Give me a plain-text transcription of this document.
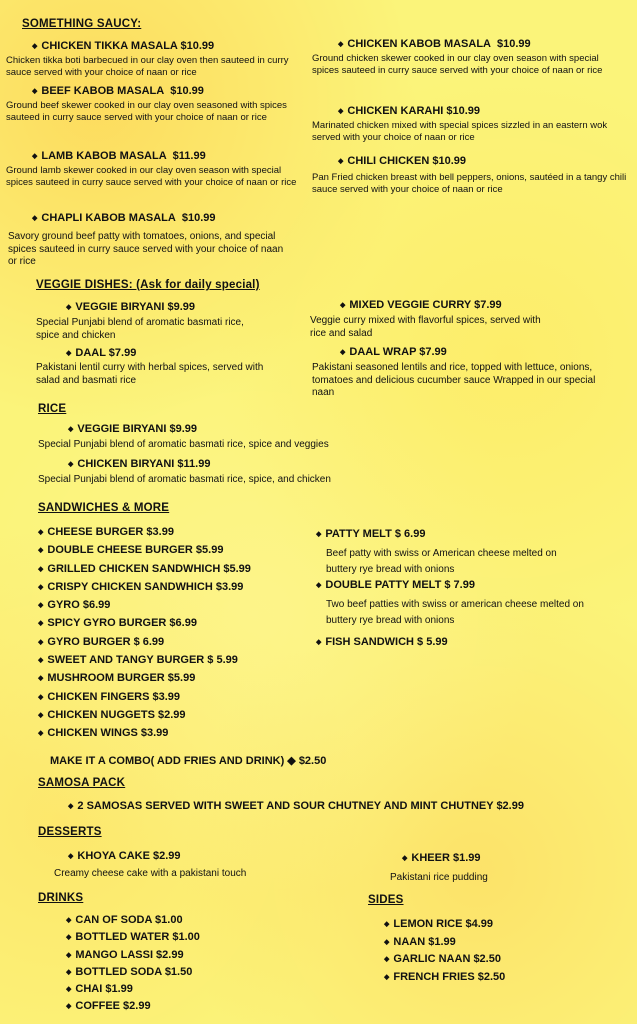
SOMETHING SAUCY:
◆ CHICKEN TIKKA MASALA $10.99
Chicken tikka boti barbecued in our clay oven then sauteed in curry sauce served with your choice of naan or rice
◆ BEEF KABOB MASALA $10.99
Ground beef skewer cooked in our clay oven seasoned with spices sauteed in curry sauce served with your choice of naan or rice
◆ LAMB KABOB MASALA $11.99
Ground lamb skewer cooked in our clay oven season with special spices sauteed in curry sauce served with your choice of naan or rice
◆ CHAPLI KABOB MASALA $10.99
Savory ground beef patty with tomatoes, onions, and special spices sauteed in curry sauce served with your choice of naan or rice
◆ CHICKEN KABOB MASALA $10.99
Ground chicken skewer cooked in our clay oven season with special spices sauteed in curry sauce served with your choice of naan or rice
◆ CHICKEN KARAHI $10.99
Marinated chicken mixed with special spices sizzled in an eastern wok served with your choice of naan or rice
◆ CHILI CHICKEN $10.99
Pan Fried chicken breast with bell peppers, onions, sautéed in a tangy chili sauce served with your choice of naan or rice
VEGGIE DISHES: (Ask for daily special)
◆ VEGGIE BIRYANI $9.99
Special Punjabi blend of aromatic basmati rice, spice and chicken
◆ DAAL $7.99
Pakistani lentil curry with herbal spices, served with salad and basmati rice
◆ MIXED VEGGIE CURRY $7.99
Veggie curry mixed with flavorful spices, served with rice and salad
◆ DAAL WRAP $7.99
Pakistani seasoned lentils and rice, topped with lettuce, onions, tomatoes and delicious cucumber sauce Wrapped in our special naan
RICE
◆ VEGGIE BIRYANI $9.99
Special Punjabi blend of aromatic basmati rice, spice and veggies
◆ CHICKEN BIRYANI $11.99
Special Punjabi blend of aromatic basmati rice, spice, and chicken
SANDWICHES & MORE
◆ CHEESE BURGER $3.99
◆ DOUBLE CHEESE BURGER $5.99
◆ GRILLED CHICKEN SANDWHICH $5.99
◆ CRISPY CHICKEN SANDWHICH $3.99
◆ GYRO $6.99
◆ SPICY GYRO BURGER $6.99
◆ GYRO BURGER $ 6.99
◆ SWEET AND TANGY BURGER $ 5.99
◆ MUSHROOM BURGER $5.99
◆ CHICKEN FINGERS $3.99
◆ CHICKEN NUGGETS $2.99
◆ CHICKEN WINGS $3.99
◆ PATTY MELT $ 6.99
Beef patty with swiss or American cheese melted on buttery rye bread with onions
◆ DOUBLE PATTY MELT $ 7.99
Two beef patties with swiss or american cheese melted on buttery rye bread with onions
◆ FISH SANDWICH $ 5.99
MAKE IT A COMBO( ADD FRIES AND DRINK) ◆ $2.50
SAMOSA PACK
◆ 2 SAMOSAS SERVED WITH SWEET AND SOUR CHUTNEY AND MINT CHUTNEY $2.99
DESSERTS
◆ KHOYA CAKE $2.99
Creamy cheese cake with a pakistani touch
◆ KHEER $1.99
Pakistani rice pudding
DRINKS
◆ CAN OF SODA $1.00
◆ BOTTLED WATER $1.00
◆ MANGO LASSI $2.99
◆ BOTTLED SODA $1.50
◆ CHAI $1.99
◆ COFFEE $2.99
SIDES
◆ LEMON RICE $4.99
◆ NAAN $1.99
◆ GARLIC NAAN $2.50
◆ FRENCH FRIES $2.50
